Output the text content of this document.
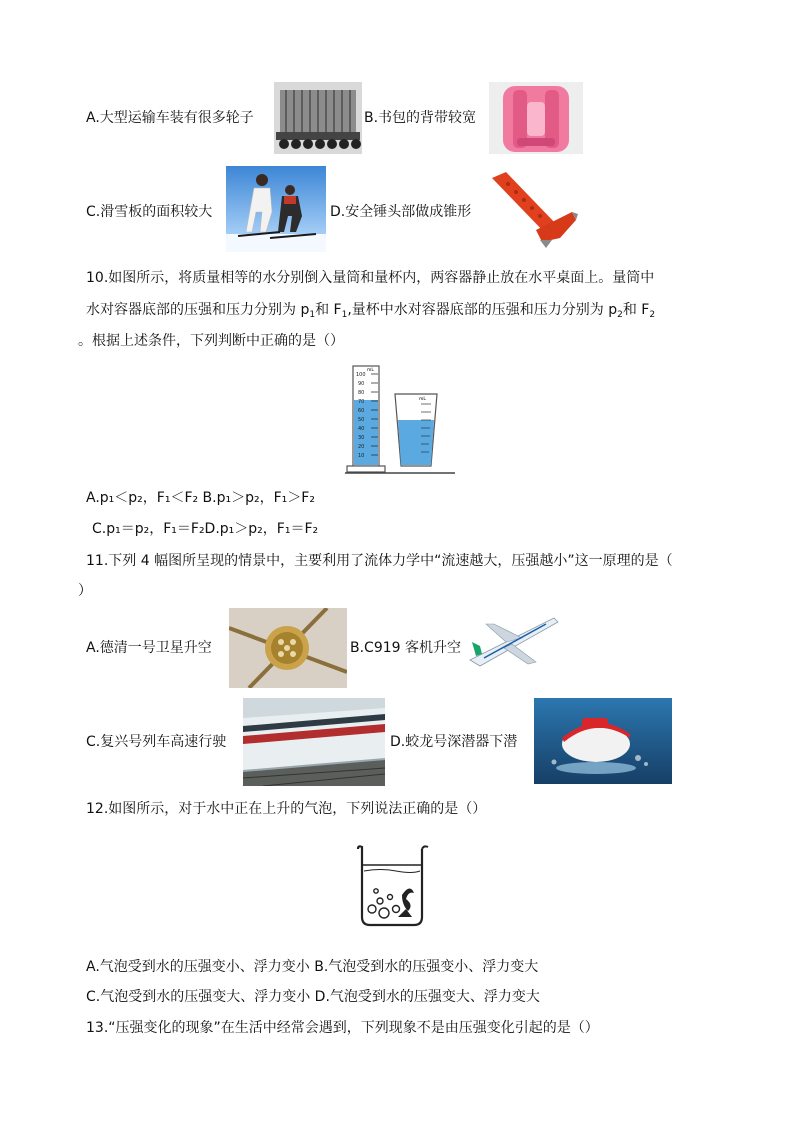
A.大型运输车装有很多轮子	B.书包的背带较宽
C.滑雪板的面积较大	D.安全锤头部做成锥形
10.如图所示，将质量相等的水分别倒入量筒和量杯内，两容器静止放在水平桌面上。量筒中
水对容器底部的压强和压力分别为 $p_1$和 $F_1$,量杯中水对容器底部的压强和压力分别为 $p_2$和 $F_2$
。根据上述条件，下列判断中正确的是（）
mL
100
90
80
70
60
50
40
30
20
10
mL
A.p₁＜p₂，F₁＜F₂ B.p₁＞p₂，F₁＞F₂
C.p₁＝p₂，F₁＝F₂D.p₁＞p₂，F₁＝F₂
11.下列 4 幅图所呈现的情景中，主要利用了流体力学中“流速越大，压强越小”这一原理的是（
）
A.德清一号卫星升空	B.C919 客机升空
C.复兴号列车高速行驶	D.蛟龙号深潜器下潜
12.如图所示，对于水中正在上升的气泡，下列说法正确的是（）
A.气泡受到水的压强变小、浮力变小 B.气泡受到水的压强变小、浮力变大
C.气泡受到水的压强变大、浮力变小 D.气泡受到水的压强变大、浮力变大
13.“压强变化的现象”在生活中经常会遇到，下列现象不是由压强变化引起的是（）
